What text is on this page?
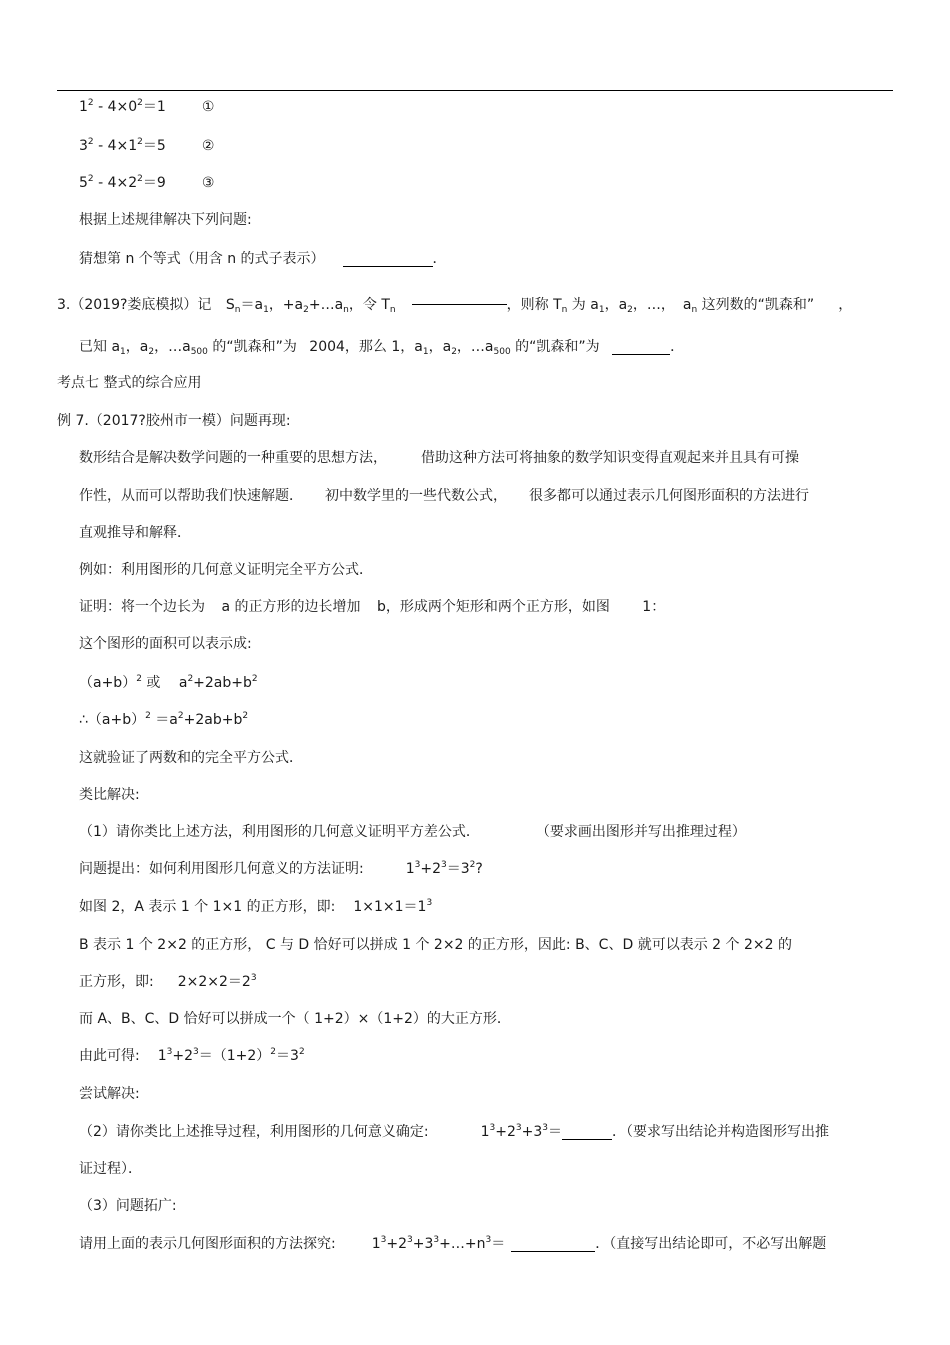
$1^2 - 4\times 0^2=1$	①
$3^2 - 4\times 1^2=5$	②
$5^2 - 4\times 2^2=9$	③
根据上述规律解决下列问题:
猜想第 n 个等式（用含 n 的式子表示）	．
3.（2019?娄底模拟）记 $S_n=a_1$，$+a_2+\dots a_n$，令 $T_n$	，则称 $T_n$ 为 $a_1$，$a_2$，…， $a_n$ 这列数的“凯森和” ，
已知 $a_1$，$a_2$，$\dots a_{500}$ 的“凯森和”为 2004，那么 1，$a_1$，$a_2$，$\dots a_{500}$ 的“凯森和”为	．
考点七 整式的综合应用
例 7.（2017?胶州市一模）问题再现:
数形结合是解决数学问题的一种重要的思想方法， 借助这种方法可将抽象的数学知识变得直观起来并且具有可操
作性，从而可以帮助我们快速解题． 初中数学里的一些代数公式， 很多都可以通过表示几何图形面积的方法进行
直观推导和解释．
例如：利用图形的几何意义证明完全平方公式．
证明：将一个边长为 a 的正方形的边长增加 b，形成两个矩形和两个正方形，如图 1：
这个图形的面积可以表示成:
$(a+b)^2$ 或 $a^2+2ab+b^2$
$\therefore(a+b)^2 =a^2+2ab+b^2$
这就验证了两数和的完全平方公式．
类比解决:
（1）请你类比上述方法，利用图形的几何意义证明平方差公式．	（要求画出图形并写出推理过程）
问题提出：如何利用图形几何意义的方法证明:	$1^3+2^3=3^2$?
如图 2，A 表示 1 个 1×1 的正方形，即: $1\times 1\times 1=1^3$
B 表示 1 个 2×2 的正方形， C 与 D 恰好可以拼成 1 个 2×2 的正方形，因此: B、C、D 就可以表示 2 个 2×2 的
正方形，即: $2\times 2\times 2=2^3$
而 A、B、C、D 恰好可以拼成一个（ 1+2）×（1+2）的大正方形．
由此可得: $1^3+2^3=(1+2)^2=3^2$
尝试解决:
（2）请你类比上述推导过程，利用图形的几何意义确定:	$1^3+2^3+3^3=$	．（要求写出结论并构造图形写出推
证过程）．
（3）问题拓广:
请用上面的表示几何图形面积的方法探究:	$1^3+2^3+3^3+\dots+n^3=$	．（直接写出结论即可，不必写出解题
